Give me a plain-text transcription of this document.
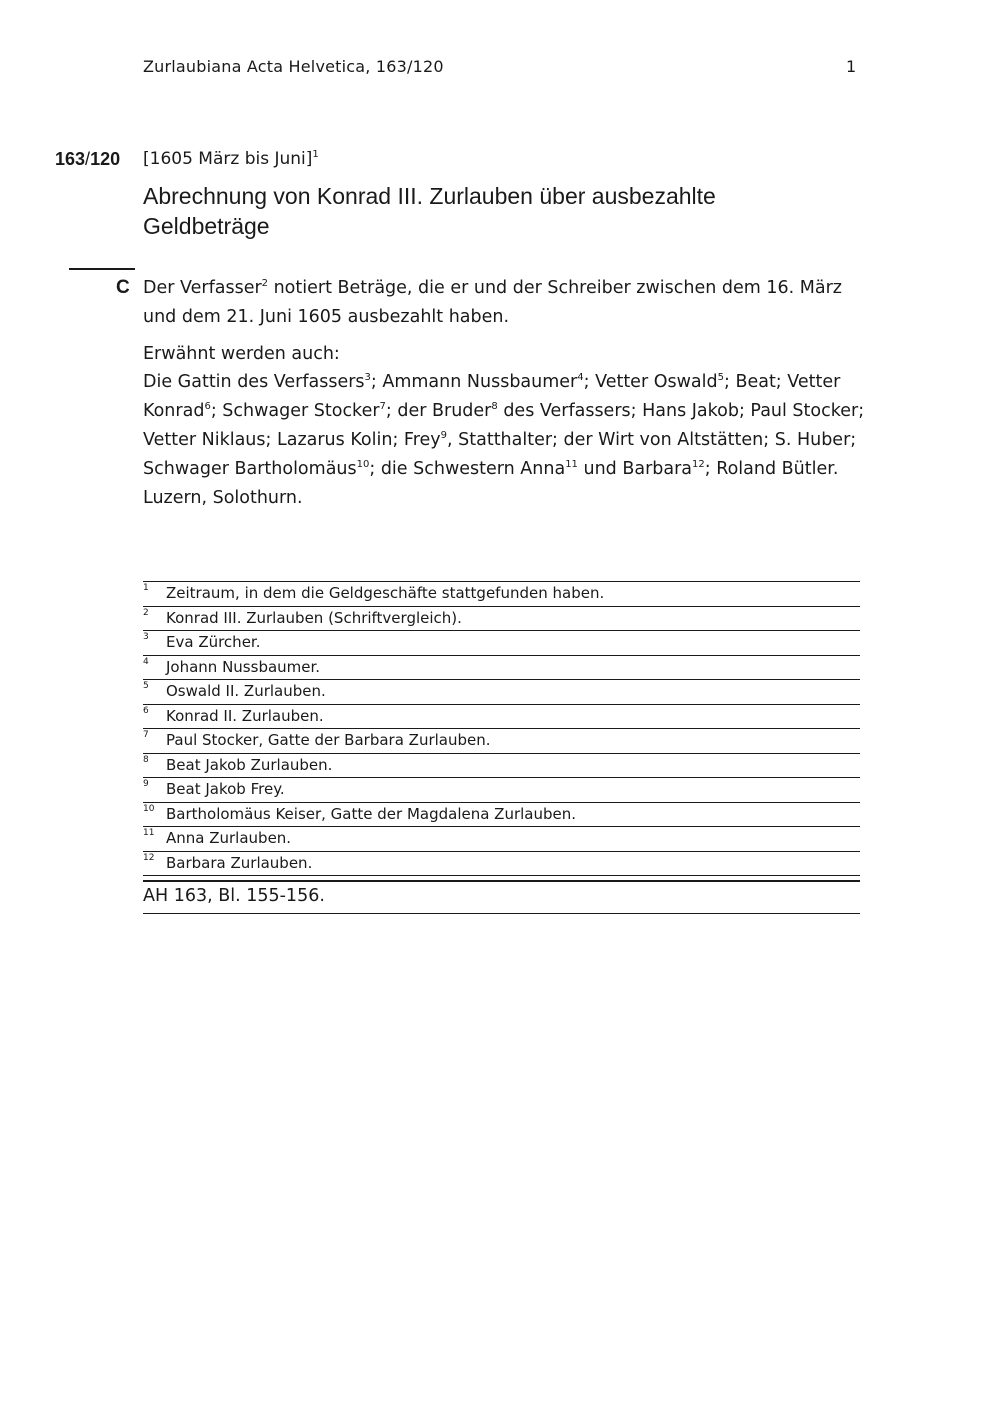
Zurlaubiana Acta Helvetica, 163/120	1
163/120 [1605 März bis Juni]$^1$
Abrechnung von Konrad III. Zurlauben über ausbezahlte Geldbeträge
C Der Verfasser$^2$ notiert Beträge, die er und der Schreiber zwischen dem 16. März und dem 21. Juni 1605 ausbezahlt haben.

Erwähnt werden auch:

Die Gattin des Verfassers$^3$; Ammann Nussbaumer$^4$; Vetter Oswald$^5$; Beat; Vetter Konrad$^6$; Schwager Stocker$^7$; der Bruder$^8$ des Verfassers; Hans Jakob; Paul Stocker; Vetter Niklaus; Lazarus Kolin; Frey$^9$, Statthalter; der Wirt von Altstätten; S. Huber; Schwager Bartholomäus$^{10}$; die Schwestern Anna$^{11}$ und Barbara$^{12}$; Roland Bütler.

Luzern, Solothurn.

1 Zeitraum, in dem die Geldgeschäfte stattgefunden haben.
2 Konrad III. Zurlauben (Schriftvergleich).
3 Eva Zürcher.
4 Johann Nussbaumer.
5 Oswald II. Zurlauben.
6 Konrad II. Zurlauben.
7 Paul Stocker, Gatte der Barbara Zurlauben.
8 Beat Jakob Zurlauben.
9 Beat Jakob Frey.
10 Bartholomäus Keiser, Gatte der Magdalena Zurlauben.
11 Anna Zurlauben.
12 Barbara Zurlauben.
AH 163, Bl. 155-156.
